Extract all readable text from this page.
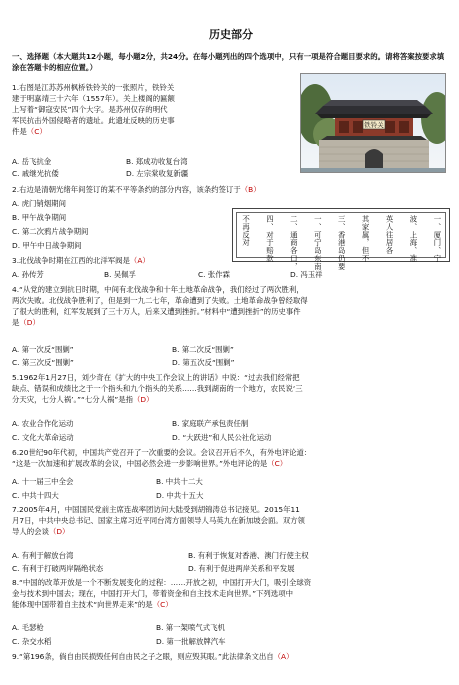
历史部分
一、选择题（本大题共12小题，每小题2分，共24分。在每小题列出的四个选项中，只有一项是符合题目要求的。请将答案按要求填涂在答题卡的相应位置。）
1.右图是江苏苏州枫桥铁铃关的一张照片，铁铃关
建于明嘉靖三十六年（1557年）。关上楼阁的匾额
上写着“御寇安民”四个大字。是苏州仅存的明代
军民抗击外国侵略者的遗址。此遗址反映的历史事
件是（C）
A. 岳飞抗金	B. 郑成功收复台湾
C. 戚继光抗倭	D. 左宗棠收复新疆
铁铃关
2.右边是清朝光绪年间签订的某不平等条约的部分内容，该条约签订于（B）
A. 虎门销烟期间
B. 甲午战争期间
C. 第二次鸦片战争期间
D. 甲午中日战争期间	一、厦门、宁
波、上海、准
英人往居各
其家属，但不
三、香港岛仍要
一、可宁岛东南
二、通商各口，
四、对于赔款
不再反对
3.北伐战争时期在江西的北洋军阀是（A）
A. 孙传芳	B. 吴佩孚	C. 张作霖	D. 冯玉祥
4.“从党的建立到抗日时期，中间有北伐战争和十年土地革命战争，我们经过了两次胜利，
两次失败。北伐战争胜利了，但是到一九二七年，革命遭到了失败。土地革命战争曾经取得
了很大的胜利，红军发展到了三十万人，后来又遭到挫折。”材料中“遭到挫折”的历史事件
是（D）
A. 第一次反“围剿”	B. 第二次反“围剿”
C. 第三次反“围剿”	D. 第五次反“围剿”
5.1962年1月27日，刘少奇在《扩大的中央工作会议上的讲话》中说：“过去我们经常把
缺点、错误和成绩比之于一个指头和九个指头的关系……我到湖南的一个地方，农民说‘三
分天灾，七分人祸’。”“七分人祸”是指（D）
A. 农业合作化运动	B. 家庭联产承包责任制
C. 文化大革命运动	D. “大跃进”和人民公社化运动
6.20世纪90年代初，中国共产党召开了一次重要的会议。会议召开后不久，有外电评论道：
“这是一次加速和扩展改革的会议，中国必然会进一步影响世界。”外电评论的是（C）
A. 十一届三中全会	B. 中共十二大
C. 中共十四大	D. 中共十五大
7.2005年4月，中国国民党前主席连战率团访问大陆受到胡锦涛总书记接见。2015年11
月7日，中共中央总书记、国家主席习近平同台湾方面领导人马英九在新加坡会面。双方领
导人的会谈（D）
A. 有利于解放台湾	B. 有利于恢复对香港、澳门行使主权
C. 有利于打破两岸隔绝状态	D. 有利于促进两岸关系和平发展
8.“中国的改革开放是一个不断发展变化的过程：……开放之初，中国打开大门，吸引全球资
金与技术到中国去；现在，中国打开大门，带着资金和自主技术走向世界。”下列选项中
能体现中国带着自主技术“向世界走来”的是（C）
A. 毛瑟枪	B. 第一架喷气式飞机
C. 杂交水稻	D. 第一批解放牌汽车
9.“第196条，倘自由民损毁任何自由民之子之眼，则应毁其眼。”此法律条文出自（A）
